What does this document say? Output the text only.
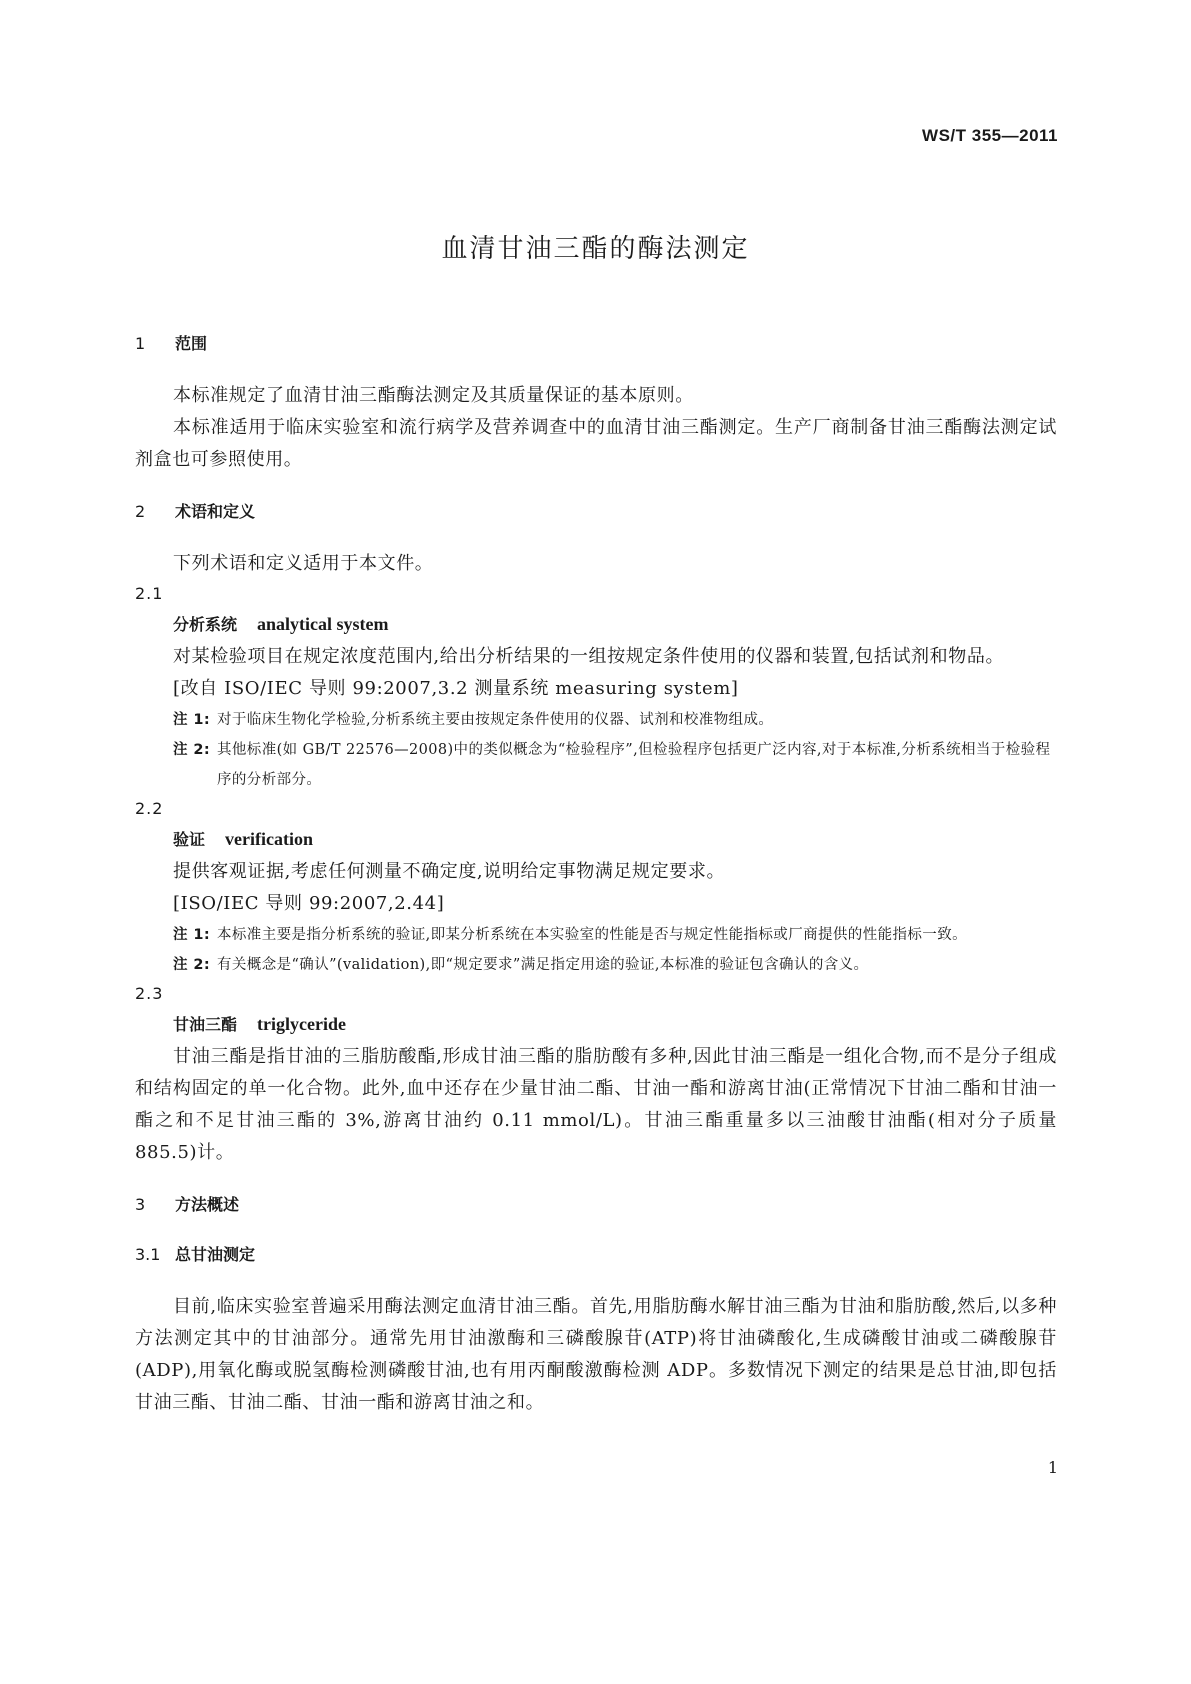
WS/T 355—2011
血清甘油三酯的酶法测定

1 范围

本标准规定了血清甘油三酯酶法测定及其质量保证的基本原则。

本标准适用于临床实验室和流行病学及营养调查中的血清甘油三酯测定。生产厂商制备甘油三酯酶法测定试剂盒也可参照使用。

2 术语和定义

下列术语和定义适用于本文件。

2.1

分析系统 analytical system

对某检验项目在规定浓度范围内,给出分析结果的一组按规定条件使用的仪器和装置,包括试剂和物品。

[改自 ISO/IEC 导则 99:2007,3.2 测量系统 measuring system]

注 1: 对于临床生物化学检验,分析系统主要由按规定条件使用的仪器、试剂和校准物组成。

注 2: 其他标准(如 GB/T 22576—2008)中的类似概念为“检验程序”,但检验程序包括更广泛内容,对于本标准,分析系统相当于检验程序的分析部分。

2.2

验证 verification

提供客观证据,考虑任何测量不确定度,说明给定事物满足规定要求。

[ISO/IEC 导则 99:2007,2.44]

注 1: 本标准主要是指分析系统的验证,即某分析系统在本实验室的性能是否与规定性能指标或厂商提供的性能指标一致。

注 2: 有关概念是“确认”(validation),即“规定要求”满足指定用途的验证,本标准的验证包含确认的含义。

2.3

甘油三酯 triglyceride

甘油三酯是指甘油的三脂肪酸酯,形成甘油三酯的脂肪酸有多种,因此甘油三酯是一组化合物,而不是分子组成和结构固定的单一化合物。此外,血中还存在少量甘油二酯、甘油一酯和游离甘油(正常情况下甘油二酯和甘油一酯之和不足甘油三酯的 3%,游离甘油约 0.11 mmol/L)。甘油三酯重量多以三油酸甘油酯(相对分子质量 885.5)计。

3 方法概述

3.1 总甘油测定

目前,临床实验室普遍采用酶法测定血清甘油三酯。首先,用脂肪酶水解甘油三酯为甘油和脂肪酸,然后,以多种方法测定其中的甘油部分。通常先用甘油激酶和三磷酸腺苷(ATP)将甘油磷酸化,生成磷酸甘油或二磷酸腺苷(ADP),用氧化酶或脱氢酶检测磷酸甘油,也有用丙酮酸激酶检测 ADP。多数情况下测定的结果是总甘油,即包括甘油三酯、甘油二酯、甘油一酯和游离甘油之和。

1
